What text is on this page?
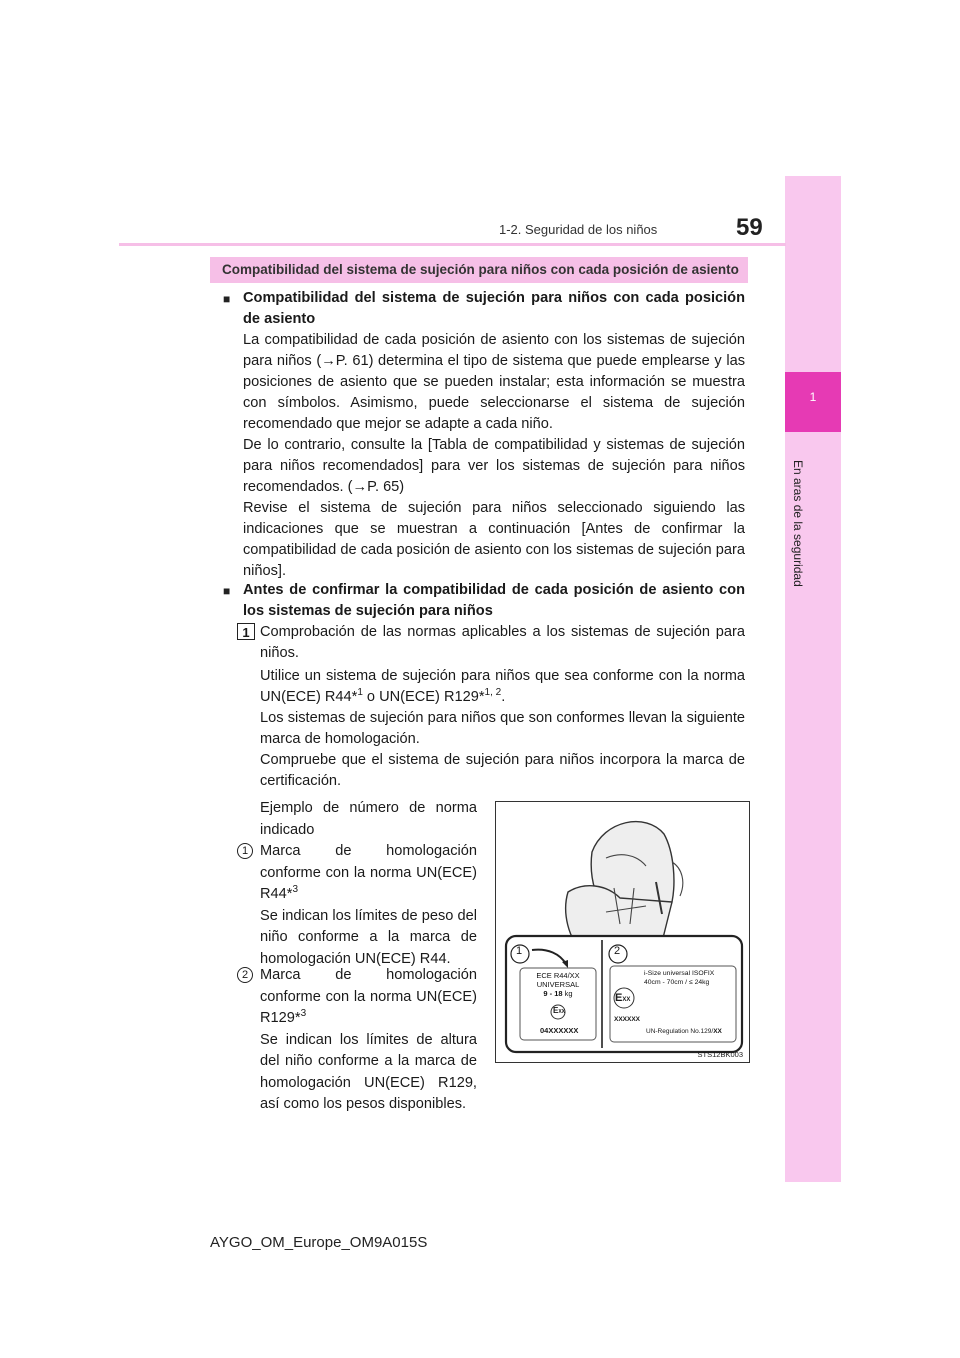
1
En aras de la seguridad
1-2. Seguridad de los niños	59
Compatibilidad del sistema de sujeción para niños con cada posición de asiento
■ Compatibilidad del sistema de sujeción para niños con cada posición de asiento
La compatibilidad de cada posición de asiento con los sistemas de sujeción para niños (→P. 61) determina el tipo de sistema que puede emplearse y las posiciones de asiento que se pueden instalar; esta información se muestra con símbolos. Asimismo, puede seleccionarse el sistema de sujeción recomendado que mejor se adapte a cada niño.
De lo contrario, consulte la [Tabla de compatibilidad y sistemas de sujeción para niños recomendados] para ver los sistemas de sujeción para niños recomendados. (→P. 65)
Revise el sistema de sujeción para niños seleccionado siguiendo las indicaciones que se muestran a continuación [Antes de confirmar la compatibilidad de cada posición de asiento con los sistemas de sujeción para niños].
■ Antes de confirmar la compatibilidad de cada posición de asiento con los sistemas de sujeción para niños
1 Comprobación de las normas aplicables a los sistemas de sujeción para niños.
Utilice un sistema de sujeción para niños que sea conforme con la norma UN(ECE) R44*$^1$ o UN(ECE) R129*$^{1, 2}$.
Los sistemas de sujeción para niños que son conformes llevan la siguiente marca de homologación.
Compruebe que el sistema de sujeción para niños incorpora la marca de certificación.
Ejemplo de número de norma indicado
1 Marca de homologación conforme con la norma UN(ECE) R44*$^3$
Se indican los límites de peso del niño conforme a la marca de homologación UN(ECE) R44.
2 Marca de homologación conforme con la norma UN(ECE) R129*$^3$
Se indican los límites de altura del niño conforme a la marca de homologación UN(ECE) R129, así como los pesos disponibles.
1	2
ECE R44/XX
UNIVERSAL
9 - 18 kg
EXX
04XXXXXX
i-Size universal ISOFIX
40cm - 70cm / ≤ 24kg
EXX
XXXXXX
UN-Regulation No.129/XX
STS12BK003
AYGO_OM_Europe_OM9A015S
